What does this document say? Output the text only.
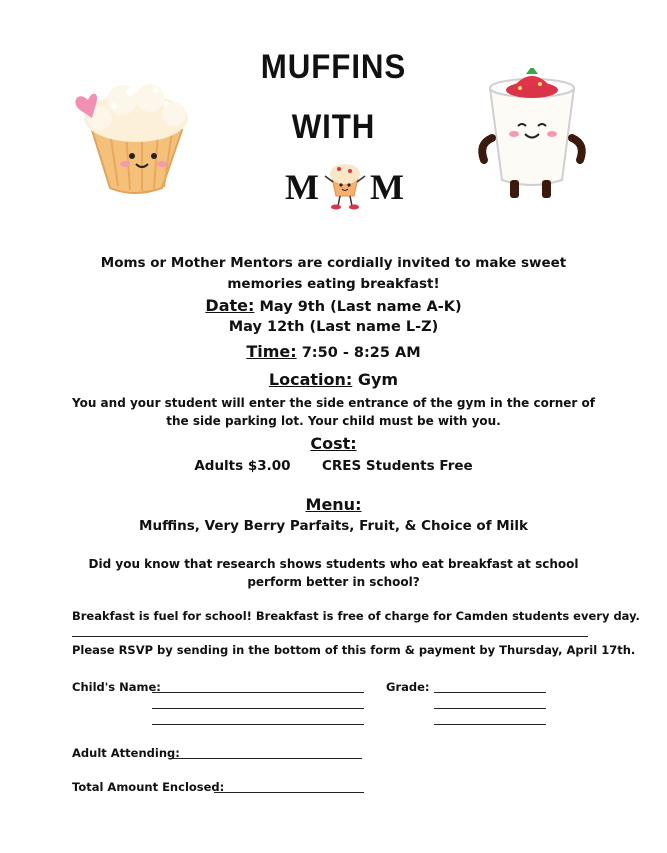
MUFFINS
WITH
M M
Moms or Mother Mentors are cordially invited to make sweet memories eating breakfast!
Date: May 9th (Last name A-K)
May 12th (Last name L-Z)
Time: 7:50 - 8:25 AM
Location: Gym
You and your student will enter the side entrance of the gym in the corner of the side parking lot. Your child must be with you.
Cost:
Adults $3.00 CRES Students Free
Menu:
Muffins, Very Berry Parfaits, Fruit, & Choice of Milk
Did you know that research shows students who eat breakfast at school perform better in school?
Breakfast is fuel for school! Breakfast is free of charge for Camden students every day.
Please RSVP by sending in the bottom of this form & payment by Thursday, April 17th.
Child's Name:	Grade:
Adult Attending:
Total Amount Enclosed:
